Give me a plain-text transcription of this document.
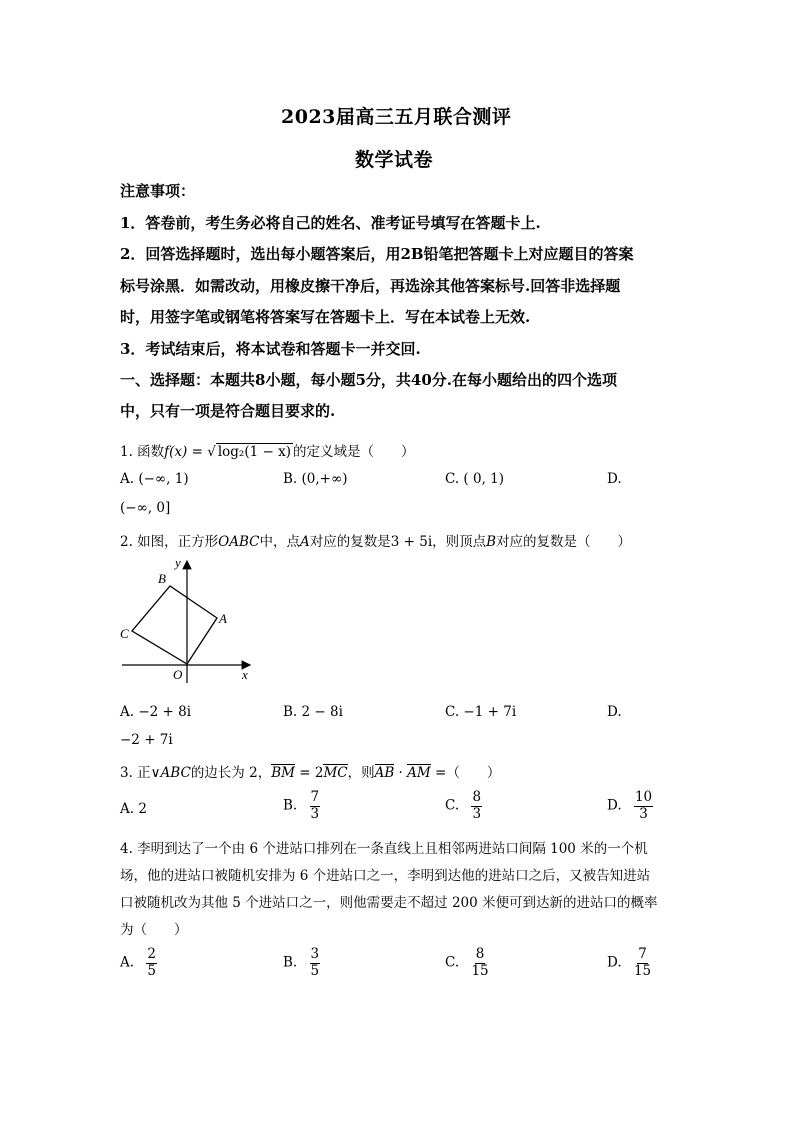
2023届高三五月联合测评
数学试卷
注意事项：
1．答卷前，考生务必将自己的姓名、准考证号填写在答题卡上.
2．回答选择题时，选出每小题答案后，用2B铅笔把答题卡上对应题目的答案
标号涂黑．如需改动，用橡皮擦干净后，再选涂其他答案标号.回答非选择题
时，用签字笔或钢笔将答案写在答题卡上．写在本试卷上无效.
3．考试结束后，将本试卷和答题卡一并交回.
一、选择题：本题共8小题，每小题5分，共40分.在每小题给出的四个选项
中，只有一项是符合题目要求的.
1. 函数f(x) = √ log₂(1 − x) 的定义域是（　　）
A. (−∞, 1)	B. (0,+∞)	C. ( 0, 1)	D.
(−∞, 0]
2. 如图，正方形OABC中，点A对应的复数是3 + 5i，则顶点B对应的复数是（　　）
y
x
O
A
B
C
A. −2 + 8i	B. 2 − 8i	C. −1 + 7i	D.
−2 + 7i
3. 正∨ABC的边长为 2，BM = 2MC，则AB · AM =（　　）
A. 2	B. $\frac{7}{3}$	C. $\frac{8}{3}$	D. $\frac{10}{3}$
4. 李明到达了一个由 6 个进站口排列在一条直线上且相邻两进站口间隔 100 米的一个机
场，他的进站口被随机安排为 6 个进站口之一，李明到达他的进站口之后，又被告知进站
口被随机改为其他 5 个进站口之一，则他需要走不超过 200 米便可到达新的进站口的概率
为（　　）
A. $\frac{2}{5}$	B. $\frac{3}{5}$	C. $\frac{8}{15}$	D. $\frac{7}{15}$
